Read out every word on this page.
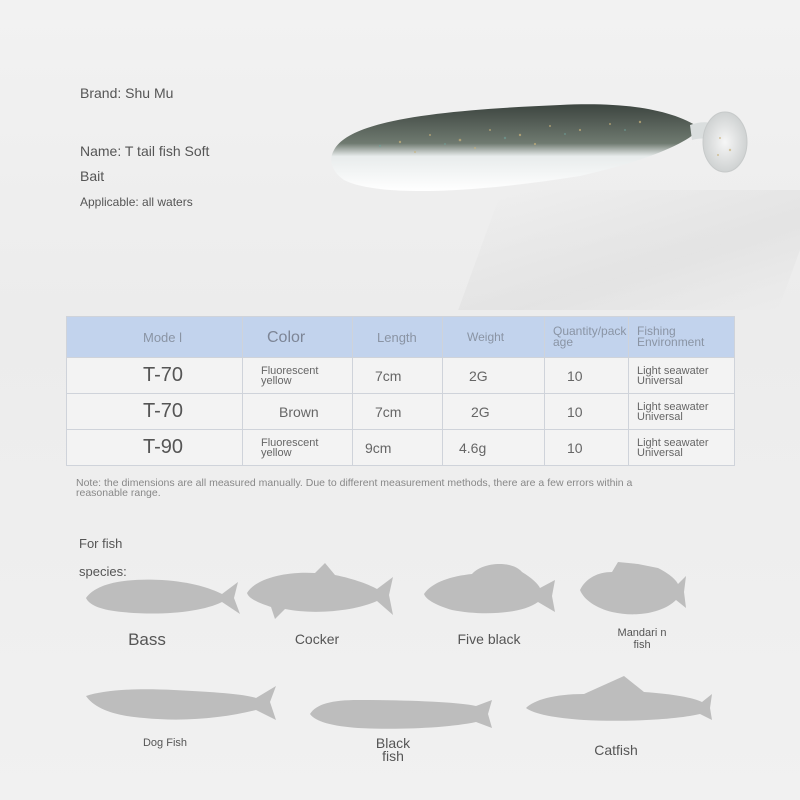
Brand: Shu Mu
Name: T tail fish Soft
Bait
Applicable: all waters
Mode l	Color	Length	Weight	Quantity/pack age	Fishing Environment
T-70	Fluorescent yellow	7cm	2G	10	Light seawater Universal
T-70	Brown	7cm	2G	10	Light seawater Universal
T-90	Fluorescent yellow	9cm	4.6g	10	Light seawater Universal
Note: the dimensions are all measured manually. Due to different measurement methods, there are a few errors within a reasonable range.
For fish
species:
Bass	Cocker	Five black	Mandari n fish
Dog Fish	Black fish	Catfish
